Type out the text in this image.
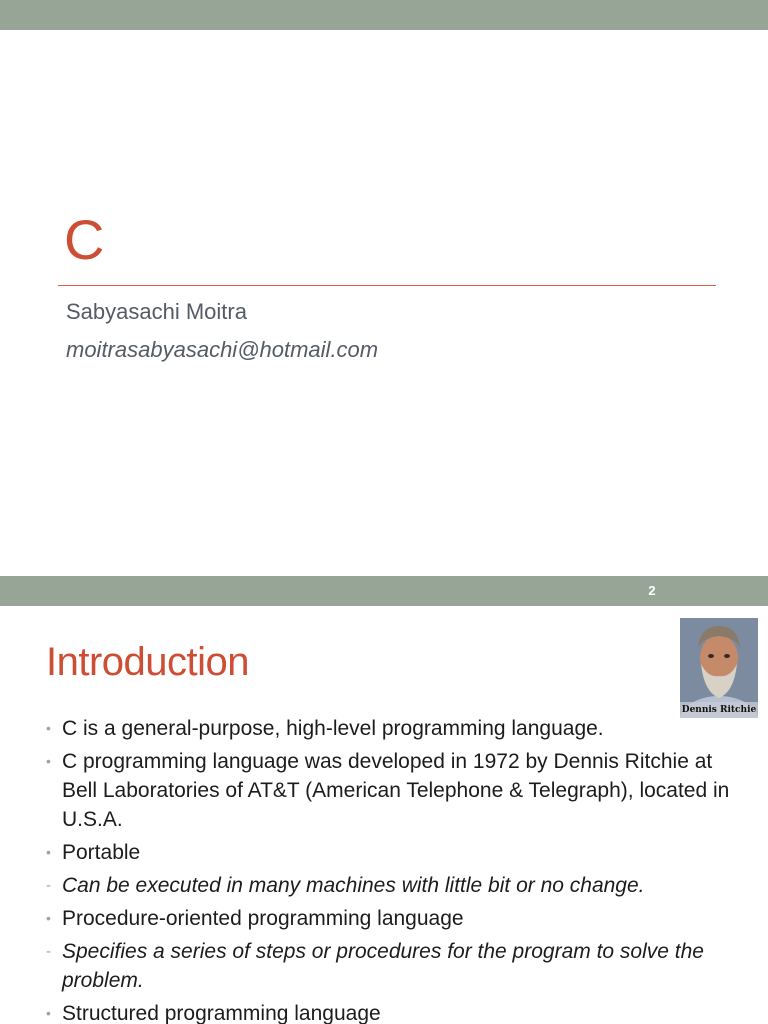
C
Sabyasachi Moitra
moitrasabyasachi@hotmail.com
2
Introduction
Dennis Ritchie
• C is a general-purpose, high-level programming language.
• C programming language was developed in 1972 by Dennis Ritchie at Bell Laboratories of AT&T (American Telephone & Telegraph), located in U.S.A.
• Portable
- Can be executed in many machines with little bit or no change.
• Procedure-oriented programming language
- Specifies a series of steps or procedures for the program to solve the problem.
• Structured programming language
